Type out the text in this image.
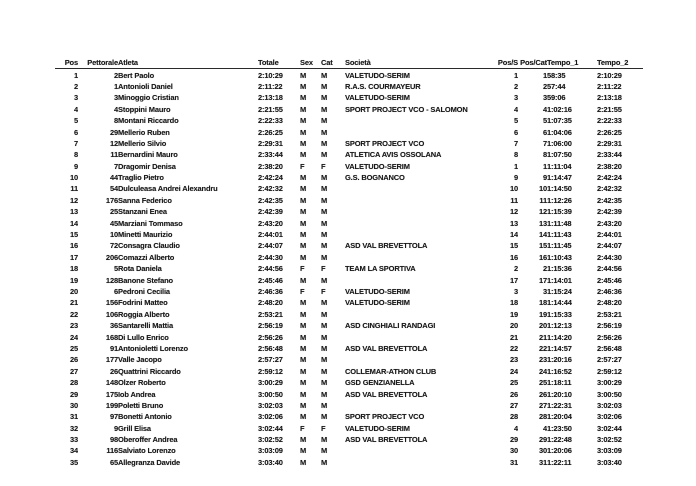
Pos	Pettorale	Atleta	Totale	Sex	Cat	Società	Pos/S	Pos/Cat	Tempo_1	Tempo_2
1	2	Bert Paolo	2:10:29	M	M	VALETUDO-SERIM	1	1	58:35	2:10:29
2	1	Antonioli Daniel	2:11:22	M	M	R.A.S. COURMAYEUR	2	2	57:44	2:11:22
3	3	Minoggio Cristian	2:13:18	M	M	VALETUDO-SERIM	3	3	59:06	2:13:18
4	4	Stoppini Mauro	2:21:55	M	M	SPORT PROJECT VCO - SALOMON	4	4	1:02:16	2:21:55
5	8	Montani Riccardo	2:22:33	M	M		5	5	1:07:35	2:22:33
6	29	Mellerio Ruben	2:26:25	M	M		6	6	1:04:06	2:26:25
7	12	Mellerio Silvio	2:29:31	M	M	SPORT PROJECT VCO	7	7	1:06:00	2:29:31
8	11	Bernardini Mauro	2:33:44	M	M	ATLETICA AVIS OSSOLANA	8	8	1:07:50	2:33:44
9	7	Dragomir Denisa	2:38:20	F	F	VALETUDO-SERIM	1	1	1:11:04	2:38:20
10	44	Traglio Pietro	2:42:24	M	M	G.S. BOGNANCO	9	9	1:14:47	2:42:24
11	54	Dulculeasa Andrei Alexandru	2:42:32	M	M		10	10	1:14:50	2:42:32
12	176	Sanna Federico	2:42:35	M	M		11	11	1:12:26	2:42:35
13	25	Stanzani Enea	2:42:39	M	M		12	12	1:15:39	2:42:39
14	45	Marziani Tommaso	2:43:20	M	M		13	13	1:11:48	2:43:20
15	10	Minetti Maurizio	2:44:01	M	M		14	14	1:11:43	2:44:01
16	72	Consagra Claudio	2:44:07	M	M	ASD VAL BREVETTOLA	15	15	1:11:45	2:44:07
17	206	Comazzi Alberto	2:44:30	M	M		16	16	1:10:43	2:44:30
18	5	Rota Daniela	2:44:56	F	F	TEAM LA SPORTIVA	2	2	1:15:36	2:44:56
19	128	Banone Stefano	2:45:46	M	M		17	17	1:14:01	2:45:46
20	6	Pedroni Cecilia	2:46:36	F	F	VALETUDO-SERIM	3	3	1:15:24	2:46:36
21	156	Fodrini Matteo	2:48:20	M	M	VALETUDO-SERIM	18	18	1:14:44	2:48:20
22	106	Roggia Alberto	2:53:21	M	M		19	19	1:15:33	2:53:21
23	36	Santarelli Mattia	2:56:19	M	M	ASD CINGHIALI RANDAGI	20	20	1:12:13	2:56:19
24	168	Di Lullo Enrico	2:56:26	M	M		21	21	1:14:20	2:56:26
25	91	Antonioletti Lorenzo	2:56:48	M	M	ASD VAL BREVETTOLA	22	22	1:14:57	2:56:48
26	177	Valle Jacopo	2:57:27	M	M		23	23	1:20:16	2:57:27
27	26	Quattrini Riccardo	2:59:12	M	M	COLLEMAR-ATHON CLUB	24	24	1:16:52	2:59:12
28	148	Olzer Roberto	3:00:29	M	M	GSD GENZIANELLA	25	25	1:18:11	3:00:29
29	175	Iob Andrea	3:00:50	M	M	ASD VAL BREVETTOLA	26	26	1:20:10	3:00:50
30	199	Poletti Bruno	3:02:03	M	M		27	27	1:22:31	3:02:03
31	97	Bonetti Antonio	3:02:06	M	M	SPORT PROJECT VCO	28	28	1:20:04	3:02:06
32	9	Grill Elisa	3:02:44	F	F	VALETUDO-SERIM	4	4	1:23:50	3:02:44
33	98	Oberoffer Andrea	3:02:52	M	M	ASD VAL BREVETTOLA	29	29	1:22:48	3:02:52
34	116	Salviato Lorenzo	3:03:09	M	M		30	30	1:20:06	3:03:09
35	65	Allegranza Davide	3:03:40	M	M		31	31	1:22:11	3:03:40
